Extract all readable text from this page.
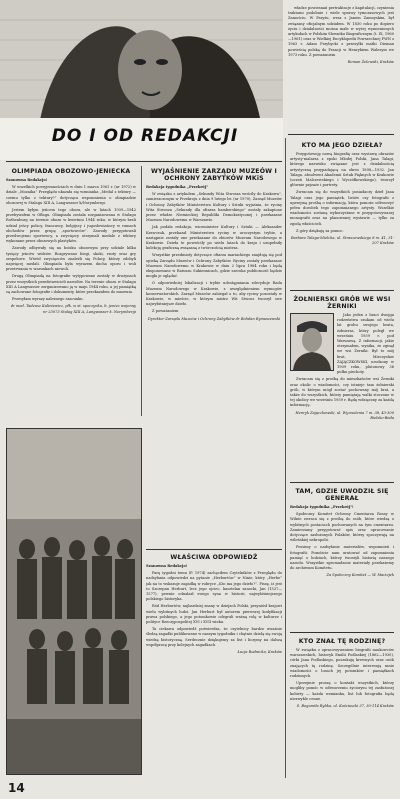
DO I OD REDAKCJI

władze powiesnań pertraktacje z kapitulacji, czynienia traktami podobnie i wiele sprawy tymczasowych jest Zamościu. W Paryżu, wraz z Janem Zamoyskim, był związany oficjalnym udziałem. W 1830 roku po dopiero życiu i działalności można małe w wyżej wymienionych artykułach w Polskim Słowniku Biograficznym (t. IX, 1960—1961) oraz w Wielkiej Encyklopedii Powszechnej PWN z 1963 r. Adam Przybycki z przesyłki matki Dieman powieścią polską do Francji w Henrykiem Walezym we 1973 roku. Z poważaniem

Roman Żelewski, Kraków

OLIMPIADA OBOZOWO-JENIECKA

Szanowna Redakcjo!

W wszelkich porzyjemnościach w dniu 1 marca 1961 r. (nr 1972) w dziale „Mozaika” Przeglądu ukazała się wzmianka „Medal z tektury — czemu tylko z tektury?” dotycząca wspomnienia o olimpiadzie obozowej w Stalagu XIII A, Langwasser k/Norymbergi.

Jestem byłym jeńcem tego obozu, ale w latach 1939—1942 przebywałem w Oflagu. Olimpiada została zorganizowana w Stalagu Rothenburg na terenie obozu w kwietniu 1944 roku, w którym brali udział jeńcy polscy, francuscy, belgijscy i jugosłowiańscy w ramach obchodów przez grupę „sportowców”. Zawody przygotowali przedwojenni sportowcy, a zwycięzcy otrzymali medale z tektury wykonane przez obozowych plastyków.

Zawody odbywały się na boisku obozowym przy udziale kilku tysięcy jeńców widzów. Rozgrywano biegi, skoki, rzuty oraz gry zespołowe. Wśród zwycięzców znaleźli się Polacy, którzy zdobyli najwięcej medali. Olimpiada była wyrazem ducha oporu i woli przetrwania w warunkach niewoli.

Drugą Olimpiadą na fotografie wytypowane zostały w drużynach przez wszystkich przedstawicieli narodów. Na terenie obozu w Stalagu XIII A Langwasser zorganizowano ją w maju 1944 roku, a jej pamiątką są zachowane fotografie i dokumenty, które przekazałem do muzeum.

Przesyłam wyrazy należnego szacunku.

dr med. Tadeusz Kuliniewicz, płk. w st. spoczynku, b. jeniec wojenny nr 23073 Stalag XIII A, Langwasser k. Norymbergi

WYJAŚNIENIE ZARZĄDU MUZEÓW I OCHRONY ZABYTKÓW MKiS

Redakcja tygodnika „Przekrój”

W związku z artykułem „Sekundy Wita Stwosza wróciły do Krakowa”, zamieszczonym w Przekroju z dnia 9 lutego br. (nr 1970), Zarząd Muzeów i Ochrony Zabytków Ministerstwa Kultury i Sztuki wyjaśnia, że ryciny Wita Stwosza „Sekundy dla ołtarza bamberskiego” zostały zakupione przez władze Niemieckiej Republiki Demokratycznej i przekazane Muzeum Narodowemu w Warszawie.

Jak podała redakcja, wiceminister Kultury i Sztuki — Aleksander Krawczuk, przekazał Ministerstwu ryciny w uroczystym trybie, a następnie zostały one przekazane do zbiorów Muzeum Narodowego w Krakowie. Dzieła te powróciły po wielu latach do kraju i uzupełniły kolekcję graficzną związaną z twórczością mistrza.

Wszystkie przedmioty dotyczące ołtarza mariackiego znajdują się pod opieką Zarządu Muzeów i Ochrony Zabytków. Ryciny zostały przekazane Muzeum Narodowemu w Krakowie w dniu 2 lipca 1984 roku i będą eksponowane w Ratuszu Sukiennicach, gdzie szeroka publiczność będzie mogła je oglądać.

O odpowiedniej lokalizacji i trybie udostępniania zdecyduje Rada Muzeum Narodowego w Krakowie, z uwzględnieniem wymogów konserwatorskich. Zarząd Muzeów zabiegał o to, aby ryciny pozostały w Krakowie, w mieście, w którym mistrz Wit Stwosz tworzył swe najwybitniejsze dzieło.

Z poważaniem

Dyrektor Zarządu Muzeów i Ochrony Zabytków dr Bohdan Rymaszewski

WŁAŚCIWA ODPOWIEDŹ

Szanowna Redakcjo!

Parę tygodni temu (P. 1974) zachęciłem Czytelników z Przeglądu do nadsyłania odpowiedzi na pytanie „Herburtów” w Ninie, który „Herbe” jak na to wskazuje zagadkę w rubryce „Kto ma jego dzieło?”. Piszę, iż jest to Szczepan Herburt, lecz jego ojciec, kasztelan sanocki, Jan (1527—1577), pewnie odnalazł swego syna w historii, najwybitniejszego polskiego historyka.

Ród Herburtów, najbardziej znany w dziejach Polski, przyniósł krajowi wielu wybitnych ludzi. Jan Herburt był autorem pierwszej kodyfikacji prawa polskiego, a jego potomkowie odegrali ważną rolę w kulturze i polityce Rzeczypospolitej XVI i XVII wieku.

Ta ciekawa odpowiedź potwierdza, że czytelnicy bardzo uważnie śledzą zagadki publikowane w naszym tygodniku i chętnie dzielą się swoją wiedzą historyczną. Serdecznie dziękujemy za list i liczymy na dalszą współpracę przy kolejnych zagadkach.

Łucja Rudnicka, Kraków

KTO MA JEGO DZIEŁA?

Przygotowuję nową biografię oraz wystawę obrazów artysty-malarza z epoki Młodej Polski, Jana Talagi, którego nazwisko związane jest z działalnością artystyczną przypadającą na okres 1898—1932. Jan Talaga, absolwent Akademii Sztuk Pięknych w Krakowie (uczeń Malczewskiego i Wyczółkowskiego), tworzył głównie pejzaże i portrety.

Zwracam się do wszystkich posiadaczy dzieł Jana Talagi oraz jego pamiątek, listów czy fotografii z uprzejmą prośbą o informację, która pomoże odtworzyć pełen dorobek tego zapomnianego artysty. Wszelkie wiadomości zostaną wykorzystane w przygotowywanej monografii oraz na planowanej wystawie — tylko za zgodą właścicieli.

Z góry dziękuję za pomoc.

Barbara Talaga-Mielcka, ul. Straszewskiego 8 m. 41, 31-207 Kraków

ŻOŁNIERSKI GRÓB WE WSI ŻERNIKI

Jako jeden z braci dwojga rodzeństwa szukam od wielu lat grobu swojego brata, żołnierza, który poległ we wrześniu 1939 r. pod Warszawą. Z informacji, jakie otrzymałem, wynika, że zginął we wsi Żerniki. Był to mój brat, Mieczysław ZAJĄCZKOWSKI, urodzony w 1909 roku, plutonowy 36 pułku piechoty.

Zwracam się z prośbą do mieszkańców wsi Żerniki oraz okolic o wiadomości, czy istnieje tam żołnierski grób, w którym mógł zostać pochowany mój brat, a także do wszystkich, którzy pamiętają walki stoczone w tej okolicy we wrześniu 1939 r. Będę wdzięczny za każdą informację.

Henryk Zajączkowski, ul. Wyzwolenia 7 m. 38, 43-300 Bielsko-Biała

TAM, GDZIE UWODZIŁ SIĘ GENERAŁ

Redakcja tygodnika „Przekrój”!

Społeczny Komitet Ochrony Cmentarza Rossy w Wilnie zwraca się z prośbą do osób, które wiedzą o wybitnych postaciach pochowanych na tym cmentarzu. Zamierzamy przygotować spis oraz opracowanie dotyczące zasłużonych Polaków, którzy spoczywają na wileńskiej nekropolii.

Prosimy o nadsyłanie materiałów, wspomnień i fotografii. Pomóżcie nam uratować od zapomnienia pamięć o ludziach, którzy tworzyli historię naszego narodu. Wszystkie zgromadzone materiały przekażemy do archiwum Komitetu.

Za Społeczny Komitet — W. Maciejek

KTO ZNAŁ TĘ RODZINĘ?

W związku z opracowywaniem biografii naukowców warszawskich, historyk Emilii Podlaskiej (1862—1930), córki Jana Podlaskiego, poszukuję krewnych oraz osób znających tę rodzinę. Szczególnie interesują mnie wiadomości o losach jej potomków i pamiątkach rodzinnych.

Uprzejmie proszę o kontakt wszystkich, którzy mogliby pomóc w odtworzeniu życiorysu tej zasłużonej kobiety — każda wzmianka, list lub fotografia będą niezwykle cenne.

S. Bogumiła Rybka, ul. Kościuszki 37, 30-114 Kraków

14
